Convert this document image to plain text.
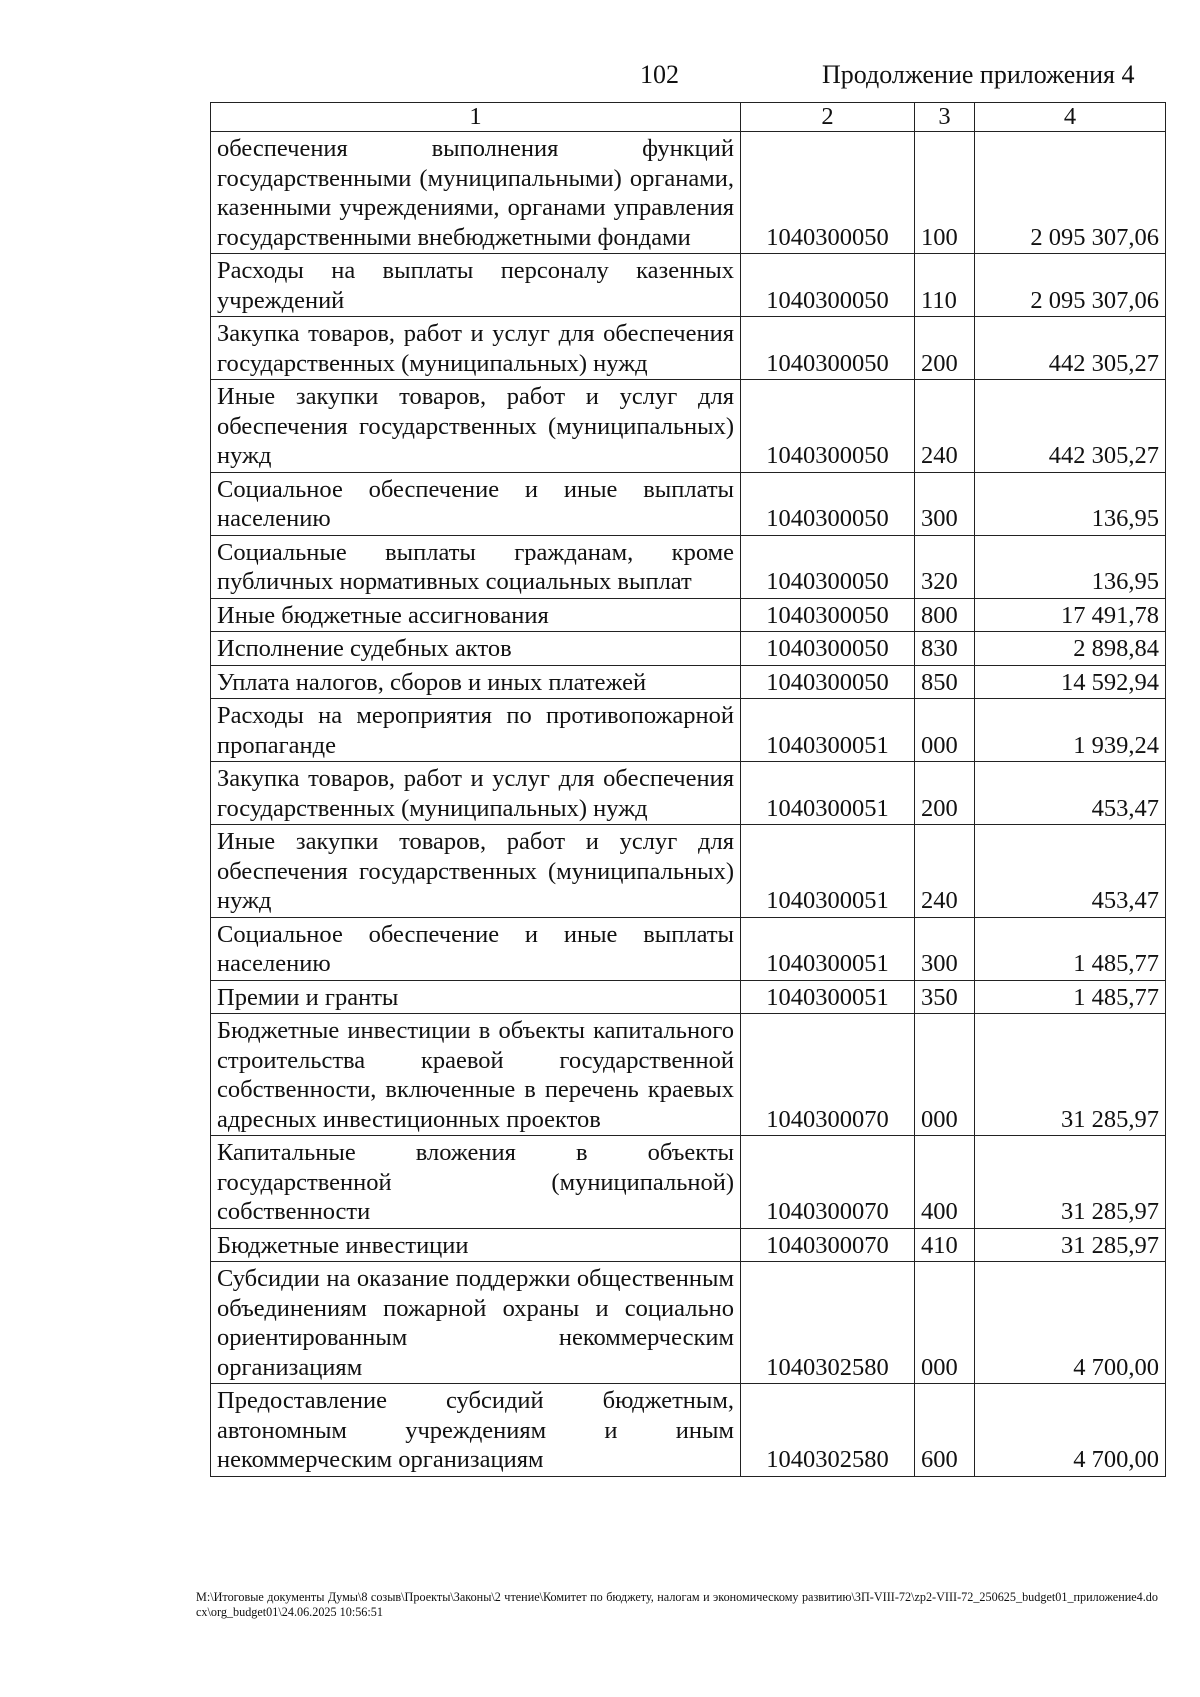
102	Продолжение приложения 4
1	2	3	4
обеспечения выполнения функций государственными (муниципальными) органами, казенными учреждениями, органами управления государственными внебюджетными фондами	1040300050	100	2 095 307,06
Расходы на выплаты персоналу казенных учреждений	1040300050	110	2 095 307,06
Закупка товаров, работ и услуг для обеспечения государственных (муниципальных) нужд	1040300050	200	442 305,27
Иные закупки товаров, работ и услуг для обеспечения государственных (муниципальных) нужд	1040300050	240	442 305,27
Социальное обеспечение и иные выплаты населению	1040300050	300	136,95
Социальные выплаты гражданам, кроме публичных нормативных социальных выплат	1040300050	320	136,95
Иные бюджетные ассигнования	1040300050	800	17 491,78
Исполнение судебных актов	1040300050	830	2 898,84
Уплата налогов, сборов и иных платежей	1040300050	850	14 592,94
Расходы на мероприятия по противопожарной пропаганде	1040300051	000	1 939,24
Закупка товаров, работ и услуг для обеспечения государственных (муниципальных) нужд	1040300051	200	453,47
Иные закупки товаров, работ и услуг для обеспечения государственных (муниципальных) нужд	1040300051	240	453,47
Социальное обеспечение и иные выплаты населению	1040300051	300	1 485,77
Премии и гранты	1040300051	350	1 485,77
Бюджетные инвестиции в объекты капитального строительства краевой государственной собственности, включенные в перечень краевых адресных инвестиционных проектов	1040300070	000	31 285,97
Капитальные вложения в объекты государственной (муниципальной) собственности	1040300070	400	31 285,97
Бюджетные инвестиции	1040300070	410	31 285,97
Субсидии на оказание поддержки общественным объединениям пожарной охраны и социально ориентированным некоммерческим организациям	1040302580	000	4 700,00
Предоставление субсидий бюджетным, автономным учреждениям и иным некоммерческим организациям	1040302580	600	4 700,00
M:\Итоговые документы Думы\8 созыв\Проекты\Законы\2 чтение\Комитет по бюджету, налогам и экономическому развитию\ЗП-VIII-72\zp2-VIII-72_250625_budget01_приложение4.docx\org_budget01\24.06.2025 10:56:51
